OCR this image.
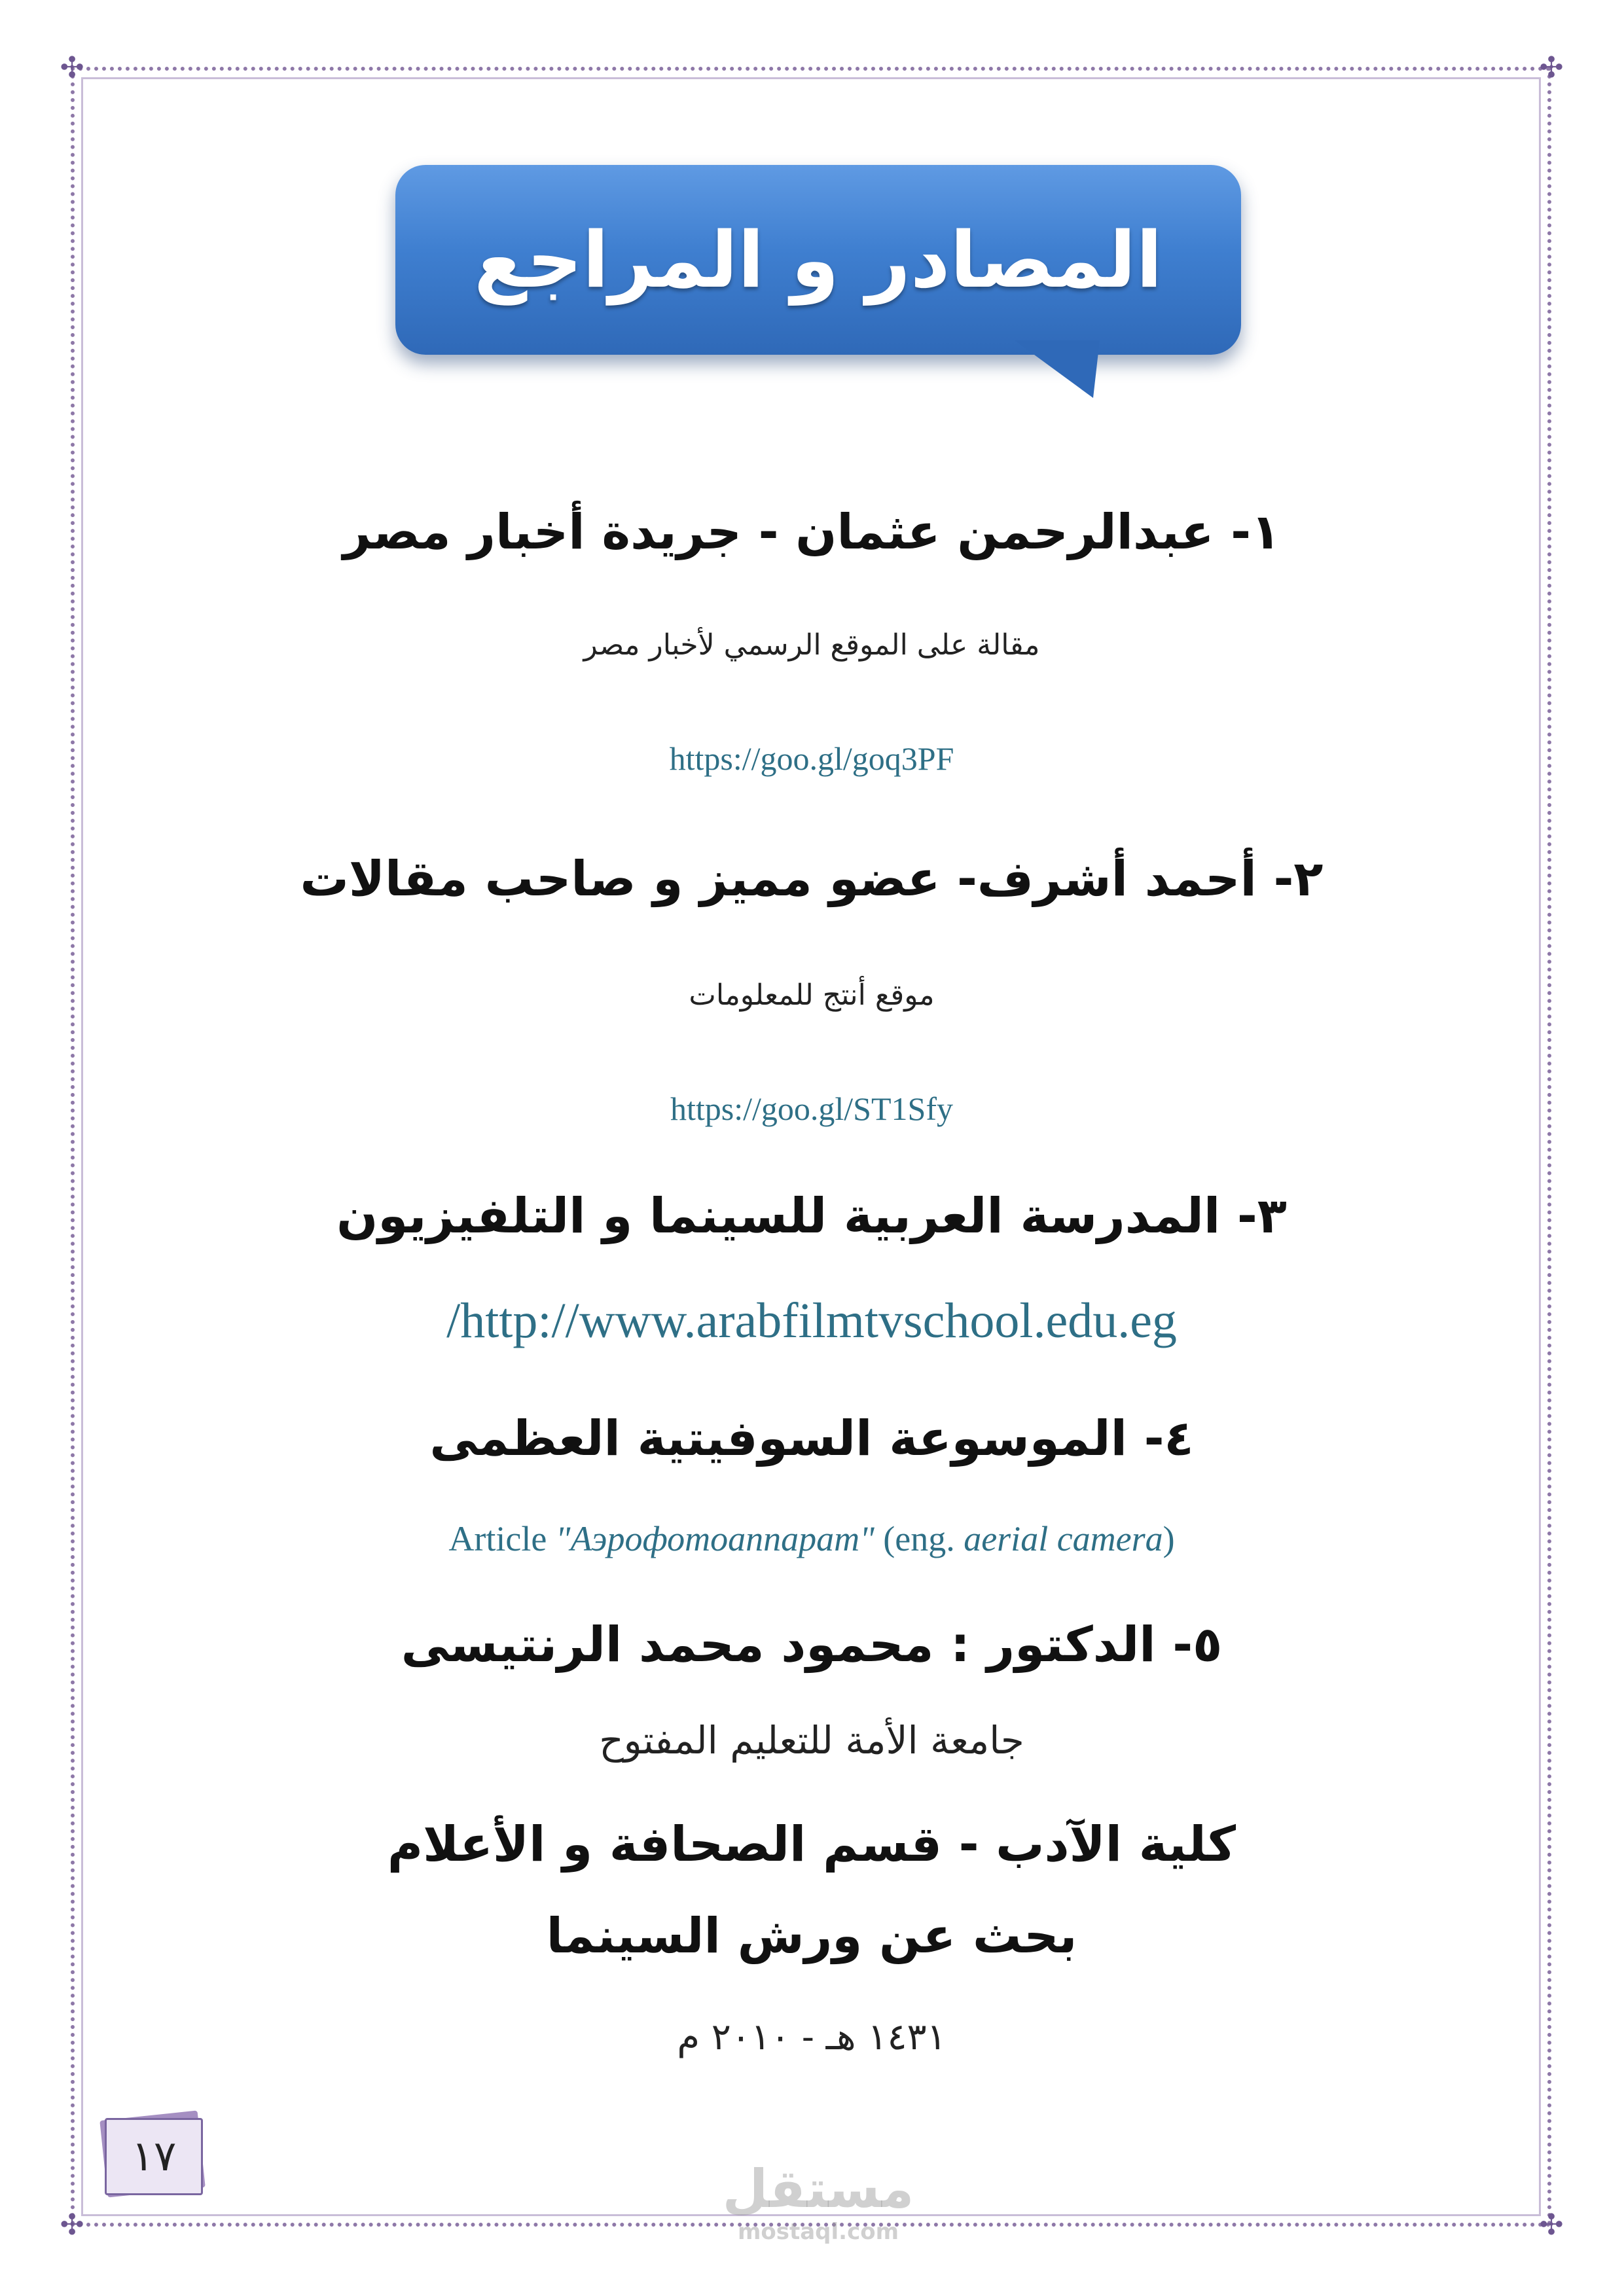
✣	✣
✣	✣
المصادر و المراجع
١- عبدالرحمن عثمان - جريدة أخبار مصر
مقالة على الموقع الرسمي لأخبار مصر
https://goo.gl/goq3PF
٢- أحمد أشرف- عضو مميز و صاحب مقالات
موقع أنتج للمعلومات
https://goo.gl/ST1Sfy
٣- المدرسة العربية للسينما و التلفيزيون
/http://www.arabfilmtvschool.edu.eg
٤- الموسوعة السوفيتية العظمى
Article "Аэрофотоаппарат" (eng. aerial camera)
٥- الدكتور : محمود محمد الرنتيسى
جامعة الأمة للتعليم المفتوح
كلية الآدب - قسم الصحافة و الأعلام
بحث عن ورش السينما
١٤٣١ هـ - ٢٠١٠ م
١٧
مستقل
mostaql.com
